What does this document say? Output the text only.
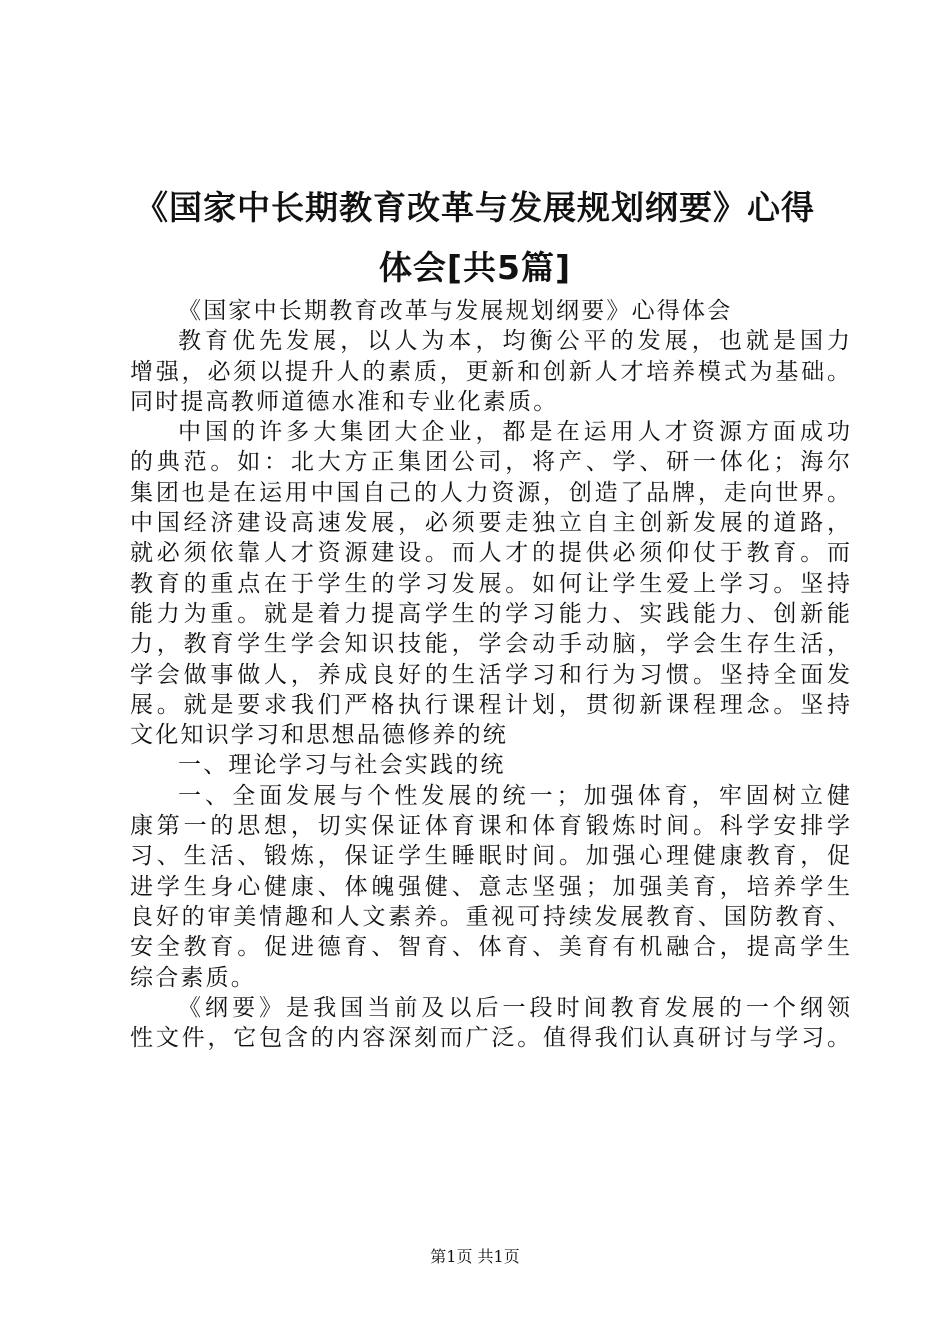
《国家中长期教育改革与发展规划纲要》心得
体会[共5篇]
《国家中长期教育改革与发展规划纲要》心得体会
教育优先发展，以人为本，均衡公平的发展，也就是国力
增强，必须以提升人的素质，更新和创新人才培养模式为基础。
同时提高教师道德水准和专业化素质。
中国的许多大集团大企业，都是在运用人才资源方面成功
的典范。如：北大方正集团公司，将产、学、研一体化；海尔
集团也是在运用中国自己的人力资源，创造了品牌，走向世界。
中国经济建设高速发展，必须要走独立自主创新发展的道路，
就必须依靠人才资源建设。而人才的提供必须仰仗于教育。而
教育的重点在于学生的学习发展。如何让学生爱上学习。坚持
能力为重。就是着力提高学生的学习能力、实践能力、创新能
力，教育学生学会知识技能，学会动手动脑，学会生存生活，
学会做事做人，养成良好的生活学习和行为习惯。坚持全面发
展。就是要求我们严格执行课程计划，贯彻新课程理念。坚持
文化知识学习和思想品德修养的统
一、理论学习与社会实践的统
一、全面发展与个性发展的统一；加强体育，牢固树立健
康第一的思想，切实保证体育课和体育锻炼时间。科学安排学
习、生活、锻炼，保证学生睡眠时间。加强心理健康教育，促
进学生身心健康、体魄强健、意志坚强；加强美育，培养学生
良好的审美情趣和人文素养。重视可持续发展教育、国防教育、
安全教育。促进德育、智育、体育、美育有机融合，提高学生
综合素质。
《纲要》是我国当前及以后一段时间教育发展的一个纲领
性文件，它包含的内容深刻而广泛。值得我们认真研讨与学习。
第1页 共1页
